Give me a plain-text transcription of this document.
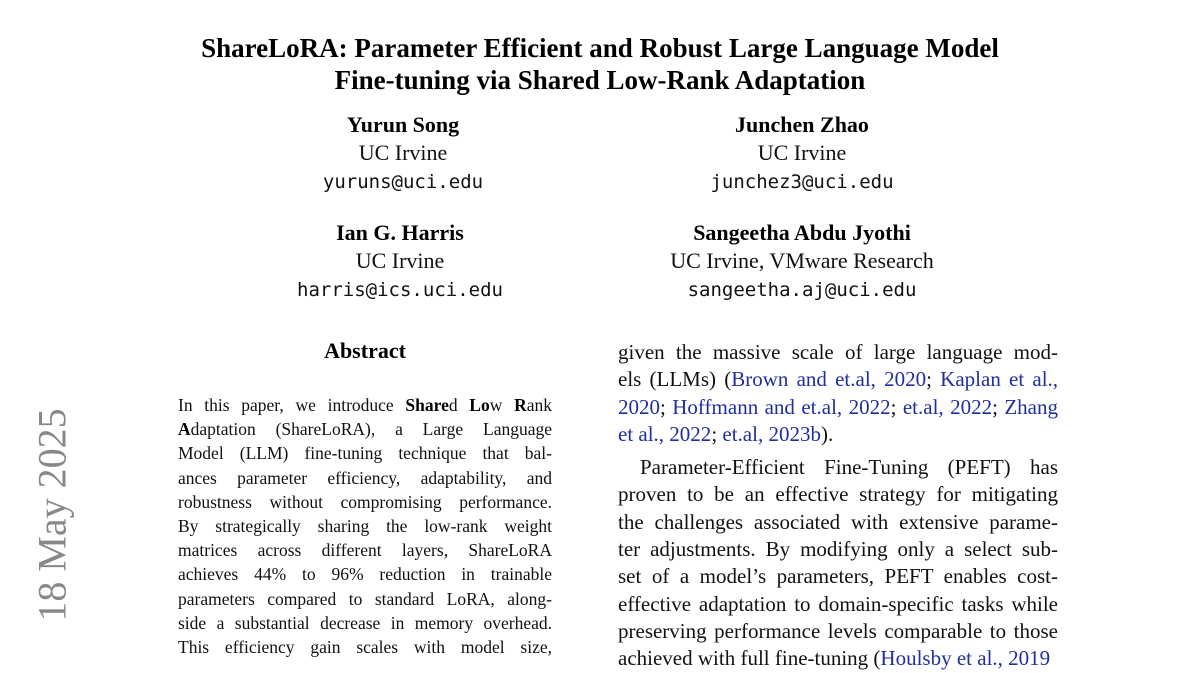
ShareLoRA: Parameter Efficient and Robust Large Language Model
Fine-tuning via Shared Low-Rank Adaptation
Yurun Song
UC Irvine
yuruns@uci.edu
Junchen Zhao
UC Irvine
junchez3@uci.edu
Ian G. Harris
UC Irvine
harris@ics.uci.edu
Sangeetha Abdu Jyothi
UC Irvine, VMware Research
sangeetha.aj@uci.edu
18 May 2025
Abstract
In this paper, we introduce Shared Low Rank
Adaptation (ShareLoRA), a Large Language
Model (LLM) fine-tuning technique that bal-
ances parameter efficiency, adaptability, and
robustness without compromising performance.
By strategically sharing the low-rank weight
matrices across different layers, ShareLoRA
achieves 44% to 96% reduction in trainable
parameters compared to standard LoRA, along-
side a substantial decrease in memory overhead.
This efficiency gain scales with model size,
given the massive scale of large language mod-
els (LLMs) (Brown and et.al, 2020; Kaplan et al.,
2020; Hoffmann and et.al, 2022; et.al, 2022; Zhang
et al., 2022; et.al, 2023b).
Parameter-Efficient Fine-Tuning (PEFT) has
proven to be an effective strategy for mitigating
the challenges associated with extensive parame-
ter adjustments. By modifying only a select sub-
set of a model’s parameters, PEFT enables cost-
effective adaptation to domain-specific tasks while
preserving performance levels comparable to those
achieved with full fine-tuning (Houlsby et al., 2019
